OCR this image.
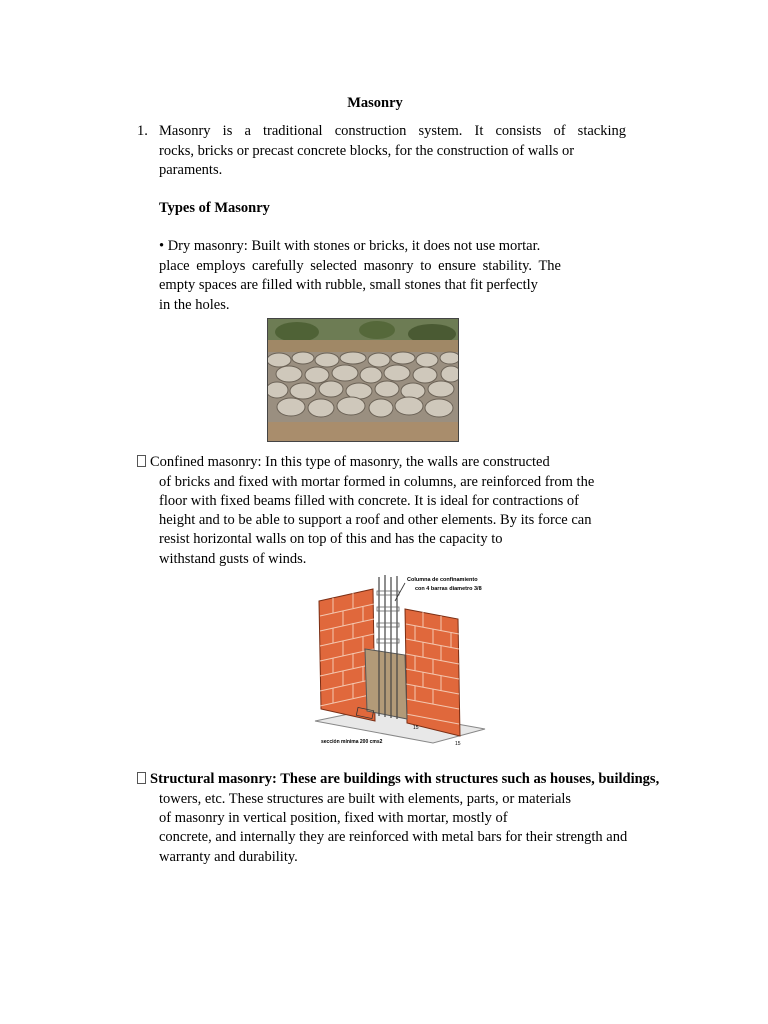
Masonry
1. Masonry is a traditional construction system. It consists of stacking
rocks, bricks or precast concrete blocks, for the construction of walls or
paraments.
Types of Masonry
• Dry masonry: Built with stones or bricks, it does not use mortar.
place employs carefully selected masonry to ensure stability. The
empty spaces are filled with rubble, small stones that fit perfectly
in the holes.
Confined masonry: In this type of masonry, the walls are constructed
of bricks and fixed with mortar formed in columns, are reinforced from the
floor with fixed beams filled with concrete. It is ideal for contractions of
height and to be able to support a roof and other elements. By its force can
resist horizontal walls on top of this and has the capacity to
withstand gusts of winds.
Columna de confinamiento
con 4 barras diametro 3/8
sección mínima 200 cms2
15
15
Structural masonry: These are buildings with structures such as houses, buildings,
towers, etc. These structures are built with elements, parts, or materials
of masonry in vertical position, fixed with mortar, mostly of
concrete, and internally they are reinforced with metal bars for their strength and
warranty and durability.
